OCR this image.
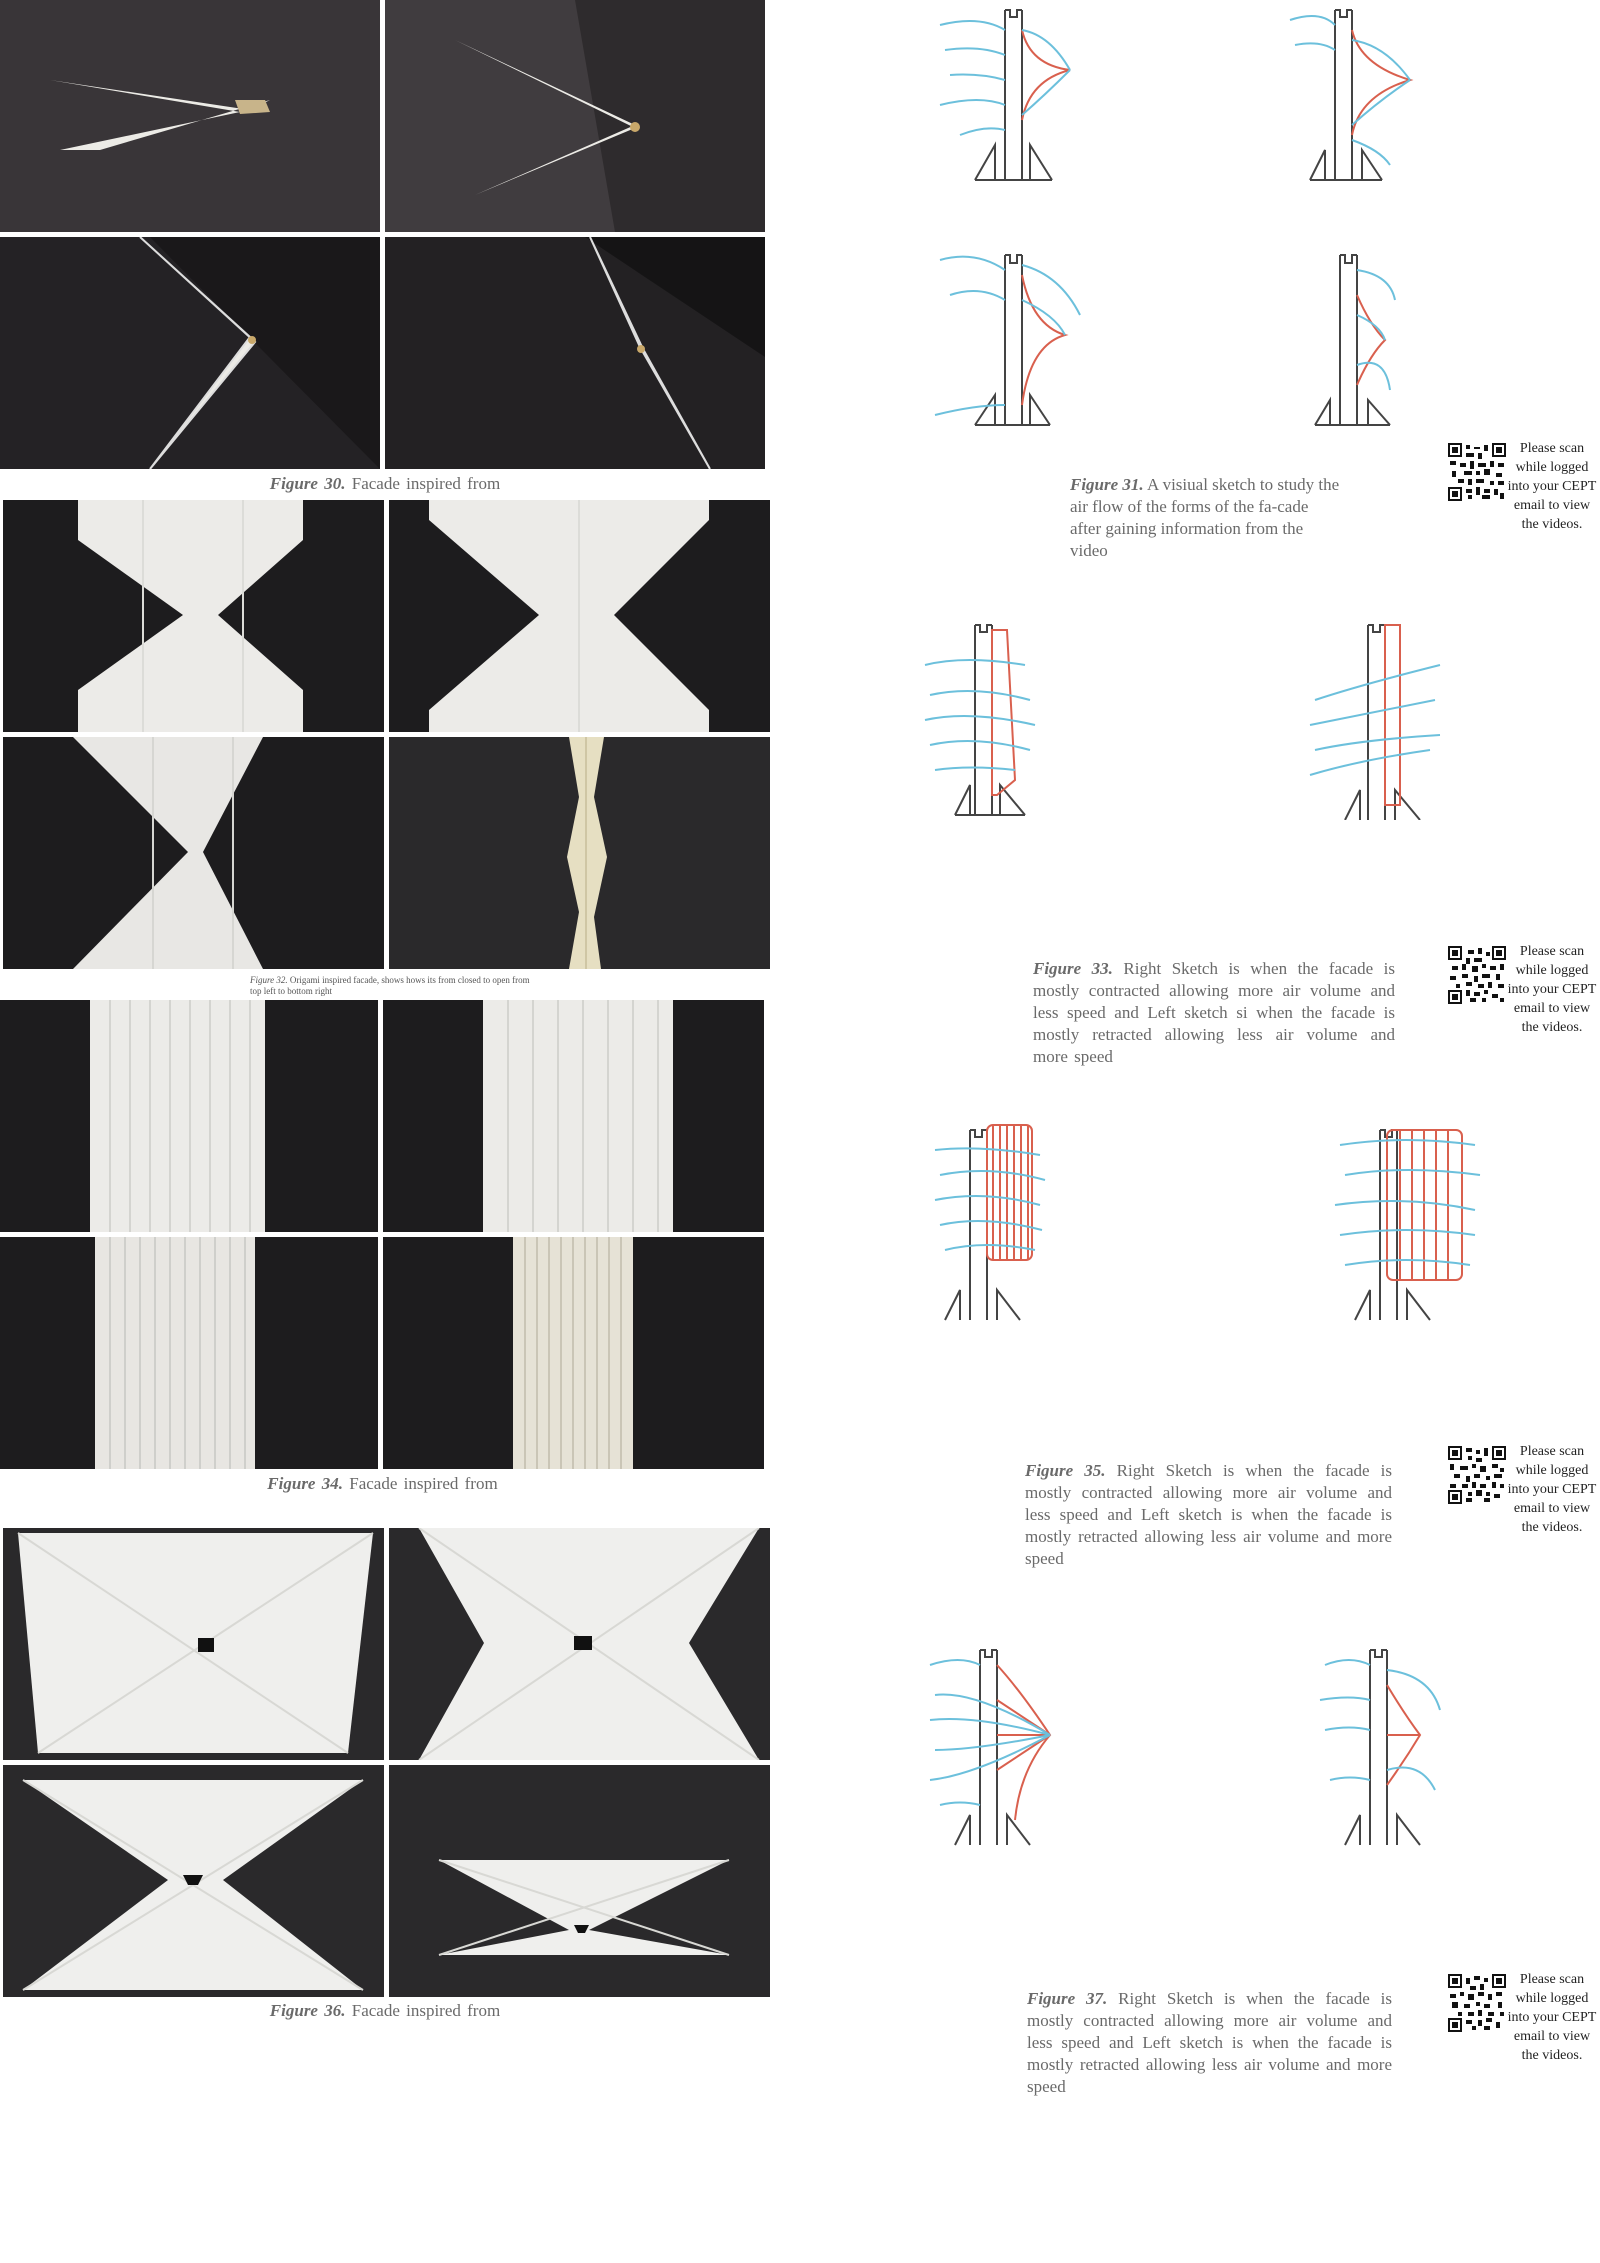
Figure 30. Facade inspired from
Figure 32. Origami inspired facade, shows hows its from closed to open from top left to bottom right
Figure 34. Facade inspired from
Figure 36. Facade inspired from
Figure 31. A visiual sketch to study the air flow of the forms of the fa-cade after gaining information from the video
Figure 33. Right Sketch is when the facade is mostly contracted allowing more air volume and less speed and Left sketch si when the facade is mostly retracted allowing less air volume and more speed
Figure 35. Right Sketch is when the facade is mostly contracted allowing more air volume and less speed and Left sketch is when the facade is mostly retracted allowing less air volume and more speed
Figure 37. Right Sketch is when the facade is mostly contracted allowing more air volume and less speed and Left sketch is when the facade is mostly retracted allowing less air volume and more speed
Please scan while logged into your CEPT email to view the videos.
Please scan while logged into your CEPT email to view the videos.
Please scan while logged into your CEPT email to view the videos.
Please scan while logged into your CEPT email to view the videos.
